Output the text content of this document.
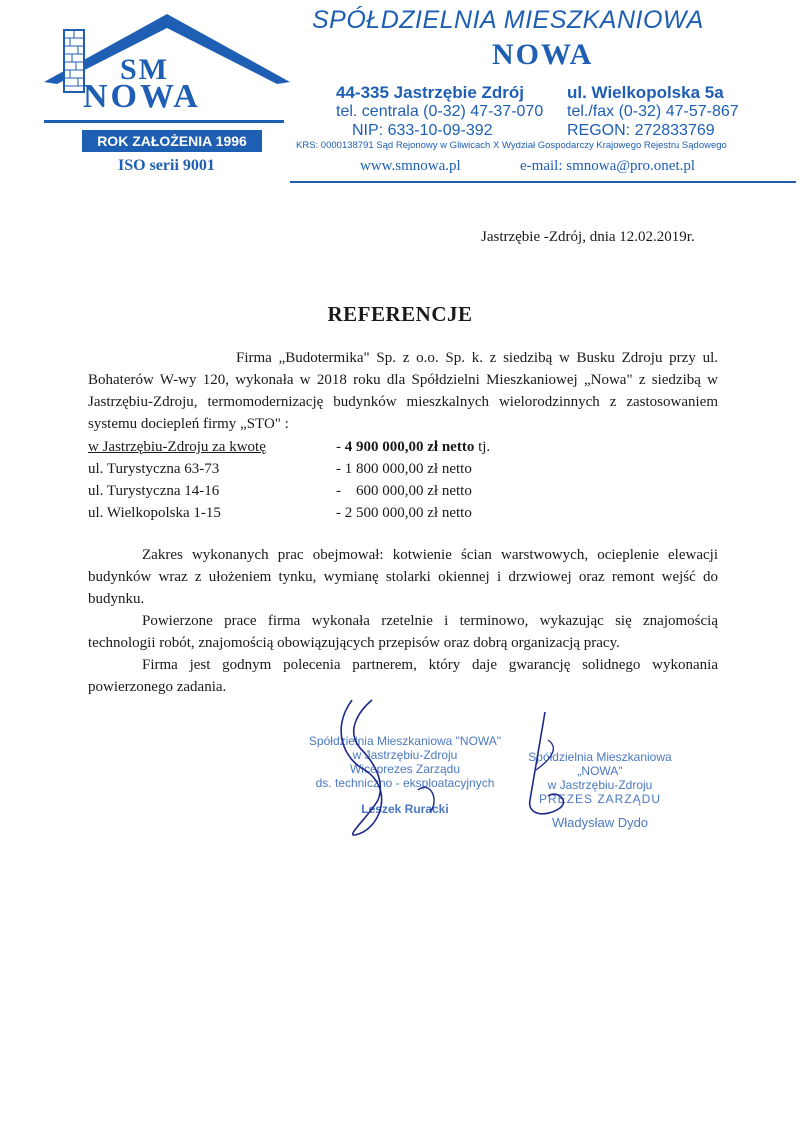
SM
NOWA
ROK ZAŁOŻENIA 1996
ISO serii 9001
SPÓŁDZIELNIA MIESZKANIOWA
NOWA
44-335 Jastrzębie Zdrój	ul. Wielkopolska 5a
tel. centrala (0-32) 47-37-070 tel./fax (0-32) 47-57-867
NIP: 633-10-09-392	REGON: 272833769
KRS: 0000138791 Sąd Rejonowy w Gliwicach X Wydział Gospodarczy Krajowego Rejestru Sądowego
www.smnowa.pl	e-mail: smnowa@pro.onet.pl
Jastrzębie -Zdrój, dnia 12.02.2019r.
REFERENCJE
Firma „Budotermika" Sp. z o.o. Sp. k. z siedzibą w Busku Zdroju przy ul. Bohaterów W-wy 120, wykonała w 2018 roku dla Spółdzielni Mieszkaniowej „Nowa" z siedzibą w Jastrzębiu-Zdroju, termomodernizację budynków mieszkalnych wielorodzinnych z zastosowaniem systemu dociepleń firmy „STO" :
w Jastrzębiu-Zdroju za kwotę	- 4 900 000,00 zł netto tj.
ul. Turystyczna 63-73	- 1 800 000,00 zł netto
ul. Turystyczna 14-16	-    600 000,00 zł netto
ul. Wielkopolska 1-15	- 2 500 000,00 zł netto
Zakres wykonanych prac obejmował: kotwienie ścian warstwowych, ocieplenie elewacji budynków wraz z ułożeniem tynku, wymianę stolarki okiennej i drzwiowej oraz remont wejść do budynku.
Powierzone prace firma wykonała rzetelnie i terminowo, wykazując się znajomością technologii robót, znajomością obowiązujących przepisów oraz dobrą organizacją pracy.
Firma jest godnym polecenia partnerem, który daje gwarancję solidnego wykonania powierzonego zadania.
Spółdzielnia Mieszkaniowa "NOWA"
w Jastrzębiu-Zdroju
Wiceprezes Zarządu
ds. techniczno - eksploatacyjnych
Leszek Ruracki
Spółdzielnia Mieszkaniowa „NOWA"
w Jastrzębiu-Zdroju
PREZES ZARZĄDU
Władysław Dydo
